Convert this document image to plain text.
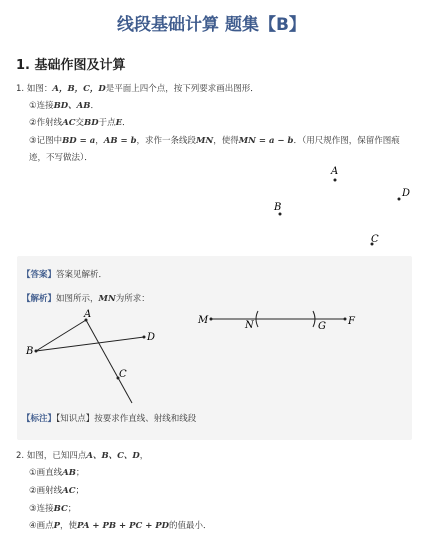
线段基础计算 题集【B】
1. 基础作图及计算
1. 如图：A，B，C，D是平面上四个点，按下列要求画出图形．
①连接BD、AB．
②作射线AC交BD于点E．
③记图中BD = a，AB = b，求作一条线段MN，使得MN = a − b．（用尺规作图，保留作图痕
迹，不写做法）．
A
D
B
C
【答案】答案见解析．
【解析】如图所示，MN为所求：
A
B
D
C
M	N	G F
【标注】【知识点】按要求作直线、射线和线段
2. 如图，已知四点A、B、C、D，
①画直线AB；
②画射线AC；
③连接BC；
④画点P，使PA + PB + PC + PD的值最小．
